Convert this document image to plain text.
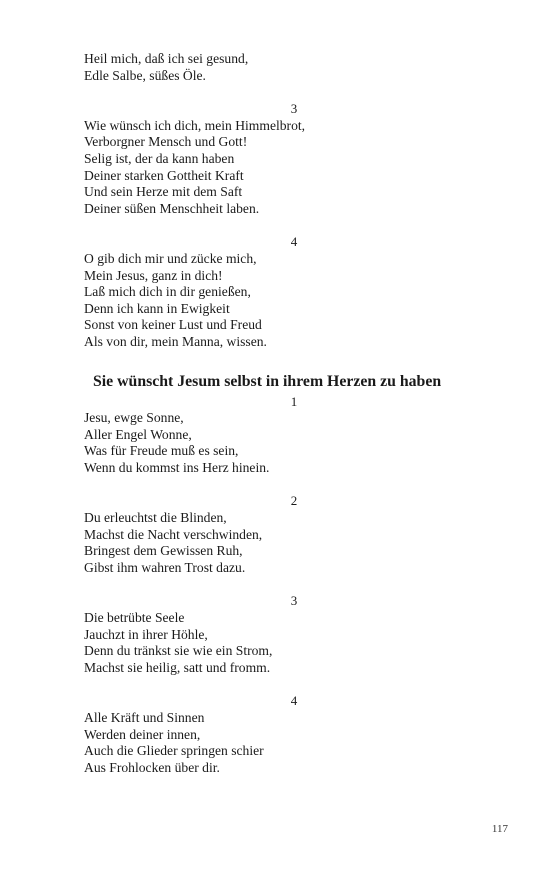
Heil mich, daß ich sei gesund,
Edle Salbe, süßes Öle.
3
Wie wünsch ich dich, mein Himmelbrot,
Verborgner Mensch und Gott!
Selig ist, der da kann haben
Deiner starken Gottheit Kraft
Und sein Herze mit dem Saft
Deiner süßen Menschheit laben.
4
O gib dich mir und zücke mich,
Mein Jesus, ganz in dich!
Laß mich dich in dir genießen,
Denn ich kann in Ewigkeit
Sonst von keiner Lust und Freud
Als von dir, mein Manna, wissen.
Sie wünscht Jesum selbst in ihrem Herzen zu haben
1
Jesu, ewge Sonne,
Aller Engel Wonne,
Was für Freude muß es sein,
Wenn du kommst ins Herz hinein.
2
Du erleuchtst die Blinden,
Machst die Nacht verschwinden,
Bringest dem Gewissen Ruh,
Gibst ihm wahren Trost dazu.
3
Die betrübte Seele
Jauchzt in ihrer Höhle,
Denn du tränkst sie wie ein Strom,
Machst sie heilig, satt und fromm.
4
Alle Kräft und Sinnen
Werden deiner innen,
Auch die Glieder springen schier
Aus Frohlocken über dir.
117
